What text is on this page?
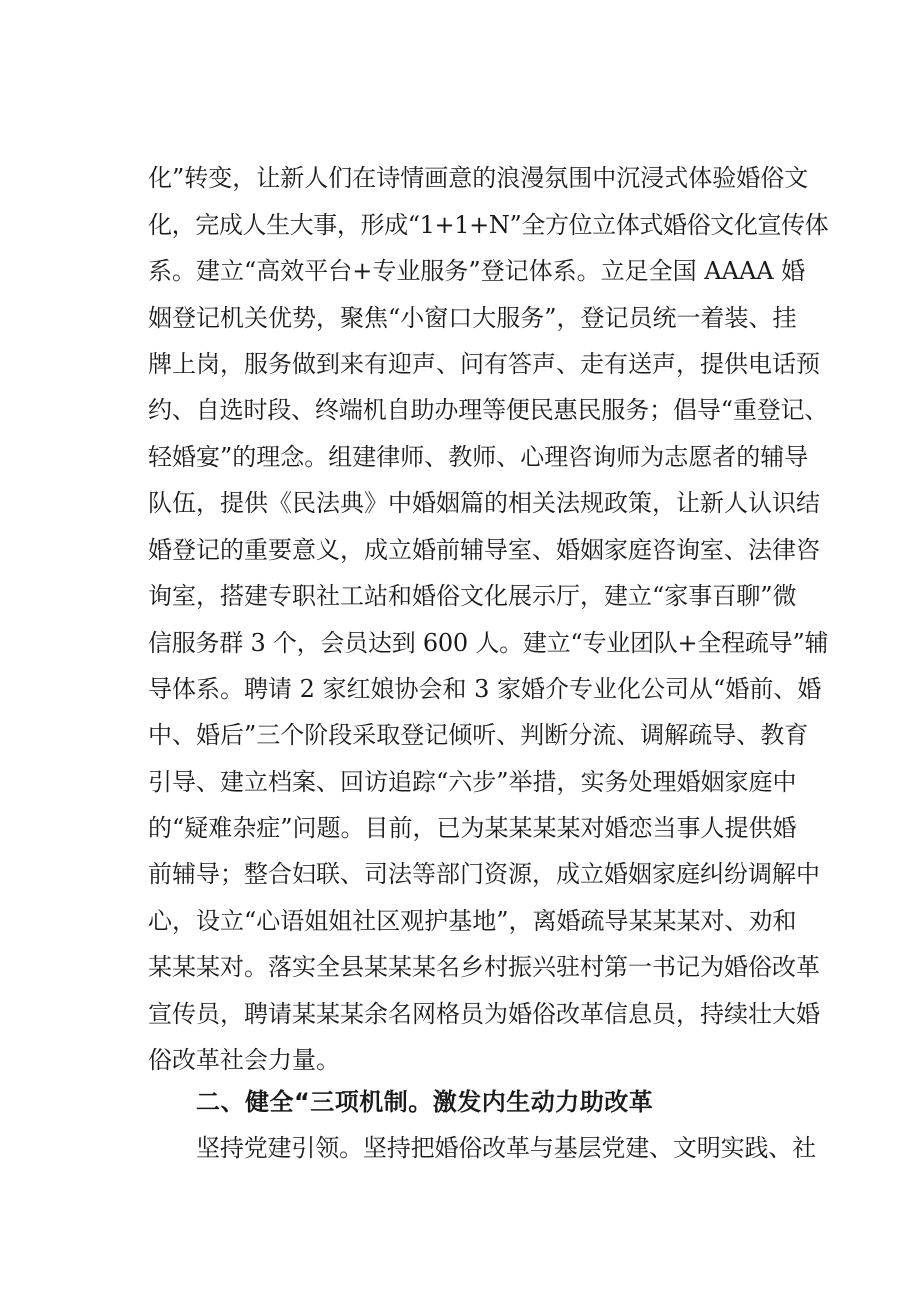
化”转变，让新人们在诗情画意的浪漫氛围中沉浸式体验婚俗文
化，完成人生大事，形成“1+1+N”全方位立体式婚俗文化宣传体
系。建立“高效平台+专业服务”登记体系。立足全国 AAAA 婚
姻登记机关优势，聚焦“小窗口大服务”，登记员统一着装、挂
牌上岗，服务做到来有迎声、问有答声、走有送声，提供电话预
约、自选时段、终端机自助办理等便民惠民服务；倡导“重登记、
轻婚宴”的理念。组建律师、教师、心理咨询师为志愿者的辅导
队伍，提供《民法典》中婚姻篇的相关法规政策，让新人认识结
婚登记的重要意义，成立婚前辅导室、婚姻家庭咨询室、法律咨
询室，搭建专职社工站和婚俗文化展示厅，建立“家事百聊”微
信服务群 3 个，会员达到 600 人。建立“专业团队+全程疏导”辅
导体系。聘请 2 家红娘协会和 3 家婚介专业化公司从“婚前、婚
中、婚后”三个阶段采取登记倾听、判断分流、调解疏导、教育
引导、建立档案、回访追踪“六步”举措，实务处理婚姻家庭中
的“疑难杂症”问题。目前，已为某某某某对婚恋当事人提供婚
前辅导；整合妇联、司法等部门资源，成立婚姻家庭纠纷调解中
心，设立“心语姐姐社区观护基地”，离婚疏导某某某对、劝和
某某某对。落实全县某某某名乡村振兴驻村第一书记为婚俗改革
宣传员，聘请某某某余名网格员为婚俗改革信息员，持续壮大婚
俗改革社会力量。
二、健全“三项机制。激发内生动力助改革
坚持党建引领。坚持把婚俗改革与基层党建、文明实践、社
